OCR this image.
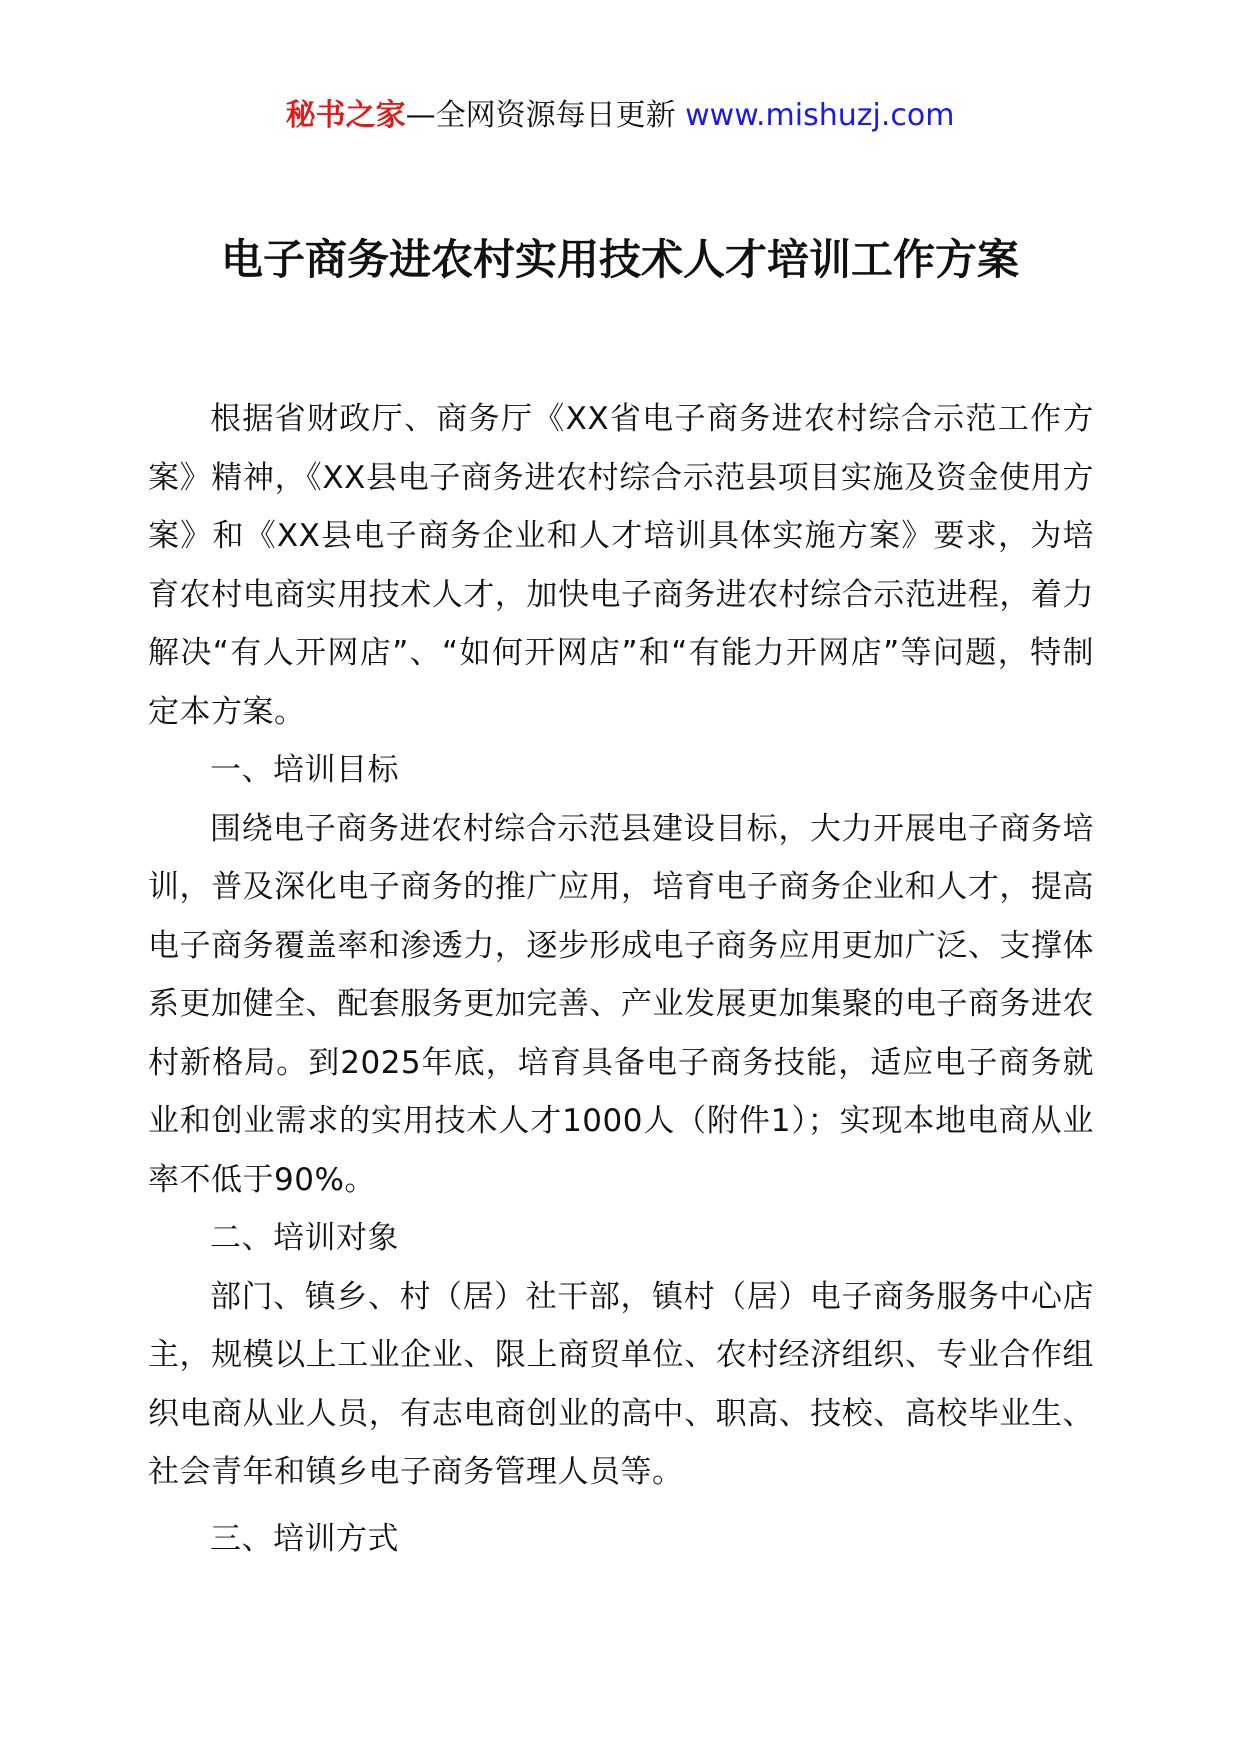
秘书之家—全网资源每日更新 www.mishuzj.com
电子商务进农村实用技术人才培训工作方案

根据省财政厅、商务厅《XX省电子商务进农村综合示范工作方案》精神，《XX县电子商务进农村综合示范县项目实施及资金使用方案》和《XX县电子商务企业和人才培训具体实施方案》要求，为培育农村电商实用技术人才，加快电子商务进农村综合示范进程，着力解决“有人开网店”、“如何开网店”和“有能力开网店”等问题，特制定本方案。

一、培训目标

围绕电子商务进农村综合示范县建设目标，大力开展电子商务培训，普及深化电子商务的推广应用，培育电子商务企业和人才，提高电子商务覆盖率和渗透力，逐步形成电子商务应用更加广泛、支撑体系更加健全、配套服务更加完善、产业发展更加集聚的电子商务进农村新格局。到2025年底，培育具备电子商务技能，适应电子商务就业和创业需求的实用技术人才1000人（附件1）；实现本地电商从业率不低于90%。

二、培训对象

部门、镇乡、村（居）社干部，镇村（居）电子商务服务中心店主，规模以上工业企业、限上商贸单位、农村经济组织、专业合作组织电商从业人员，有志电商创业的高中、职高、技校、高校毕业生、社会青年和镇乡电子商务管理人员等。

三、培训方式
